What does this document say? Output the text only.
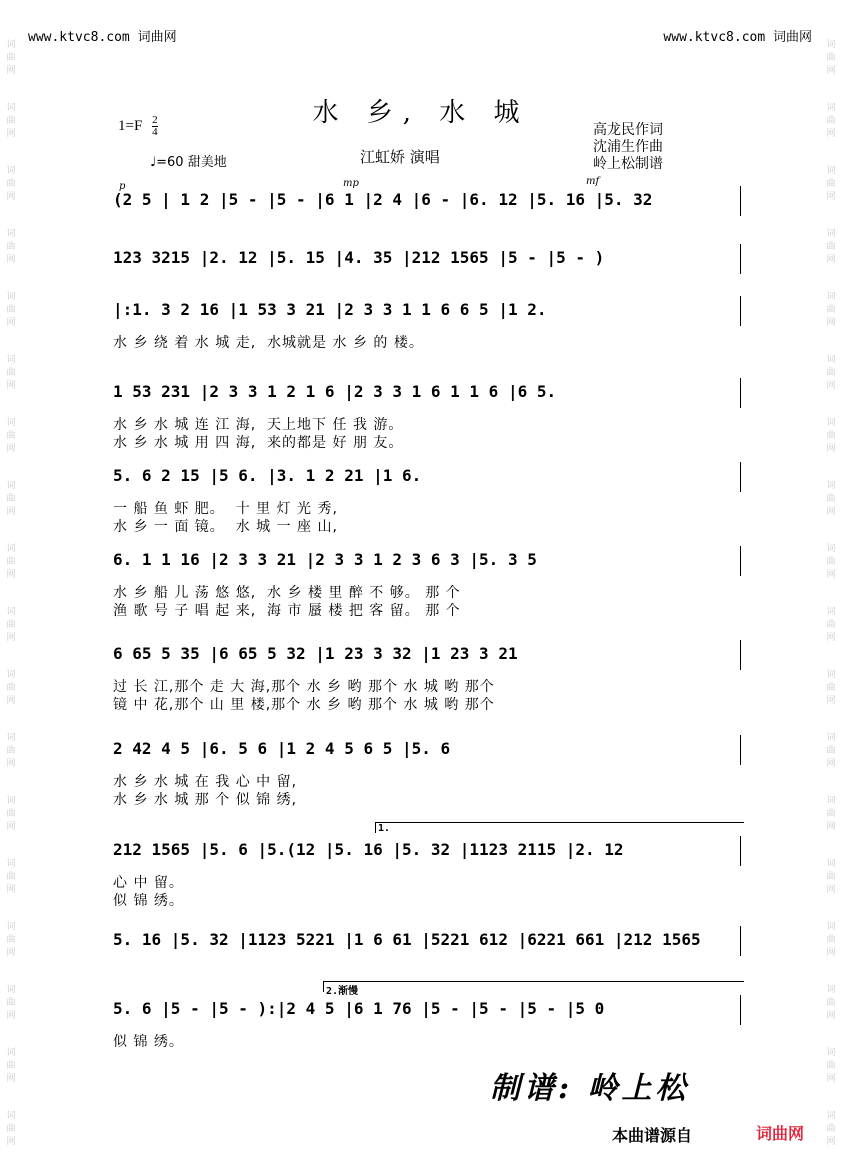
词
曲
网
词
曲
网
词
曲
网
词
曲
网
词
曲
网
词
曲
网
词
曲
网
词
曲
网
词
曲
网
词
曲
网
词
曲
网
词
曲
网
词
曲
网
词
曲
网
词
曲
网
词
曲
网
词
曲
网
词
曲
网
词
曲
网
词
曲
网
词
曲
网
词
曲
网
词
曲
网
词
曲
网
词
曲
网
词
曲
网
词
曲
网
词
曲
网
词
曲
网
词
曲
网
词
曲
网
词
曲
网
词
曲
网
词
曲
网
词
曲
网
词
曲
网
www.ktvc8.com 词曲网	www.ktvc8.com 词曲网
$1=F \frac{2}{4}$	水 乡, 水 城
江虹娇 演唱
高龙民作词
沈浦生作曲
岭上松制谱
♩=60 甜美地
p	mp	mf
(2 5 | 1 2 |5 - |5 - |6 1 |2 4 |6 - |6. 12 |5. 16 |5. 32
123 3215 |2. 12 |5. 15 |4. 35 |212 1565 |5 - |5 - )
|:1. 3 2 16 |1 53 3 21 |2 3 3 1 1 6 6 5 |1 2.
水 乡 绕 着 水 城 走,  水城就是 水 乡 的 楼。
1 53 231 |2 3 3 1 2 1 6 |2 3 3 1 6 1 1 6 |6 5.
水 乡 水 城 连 江 海,  天上地下 任 我 游。
水 乡 水 城 用 四 海,  来的都是 好 朋 友。
5. 6 2 15 |5 6. |3. 1 2 21 |1 6.
一 船 鱼 虾 肥。  十 里 灯 光 秀,
水 乡 一 面 镜。  水 城 一 座 山,
6. 1 1 16 |2 3 3 21 |2 3 3 1 2 3 6 3 |5. 3 5
水 乡 船 儿 荡 悠 悠,  水 乡 楼 里 醉 不 够。 那 个
渔 歌 号 子 唱 起 来,  海 市 蜃 楼 把 客 留。 那 个
6 65 5 35 |6 65 5 32 |1 23 3 32 |1 23 3 21
过 长 江,那个 走 大 海,那个 水 乡 哟 那个 水 城 哟 那个
镜 中 花,那个 山 里 楼,那个 水 乡 哟 那个 水 城 哟 那个
2 42 4 5 |6. 5 6 |1 2 4 5 6 5 |5. 6
水 乡 水 城 在 我 心 中 留,
水 乡 水 城 那 个 似 锦 绣,
212 1565 |5. 6 |5.(12 |5. 16 |5. 32 |1123 2115 |2. 12
1.
心 中 留。
似 锦 绣。
5. 16 |5. 32 |1123 5221 |1 6 61 |5221 612 |6221 661 |212 1565
5. 6 |5 - |5 - ):|2 4 5 |6 1 76 |5 - |5 - |5 - |5 0
2.渐慢
似 锦 绣。
制谱: 岭上松
本曲谱源自	词曲网
